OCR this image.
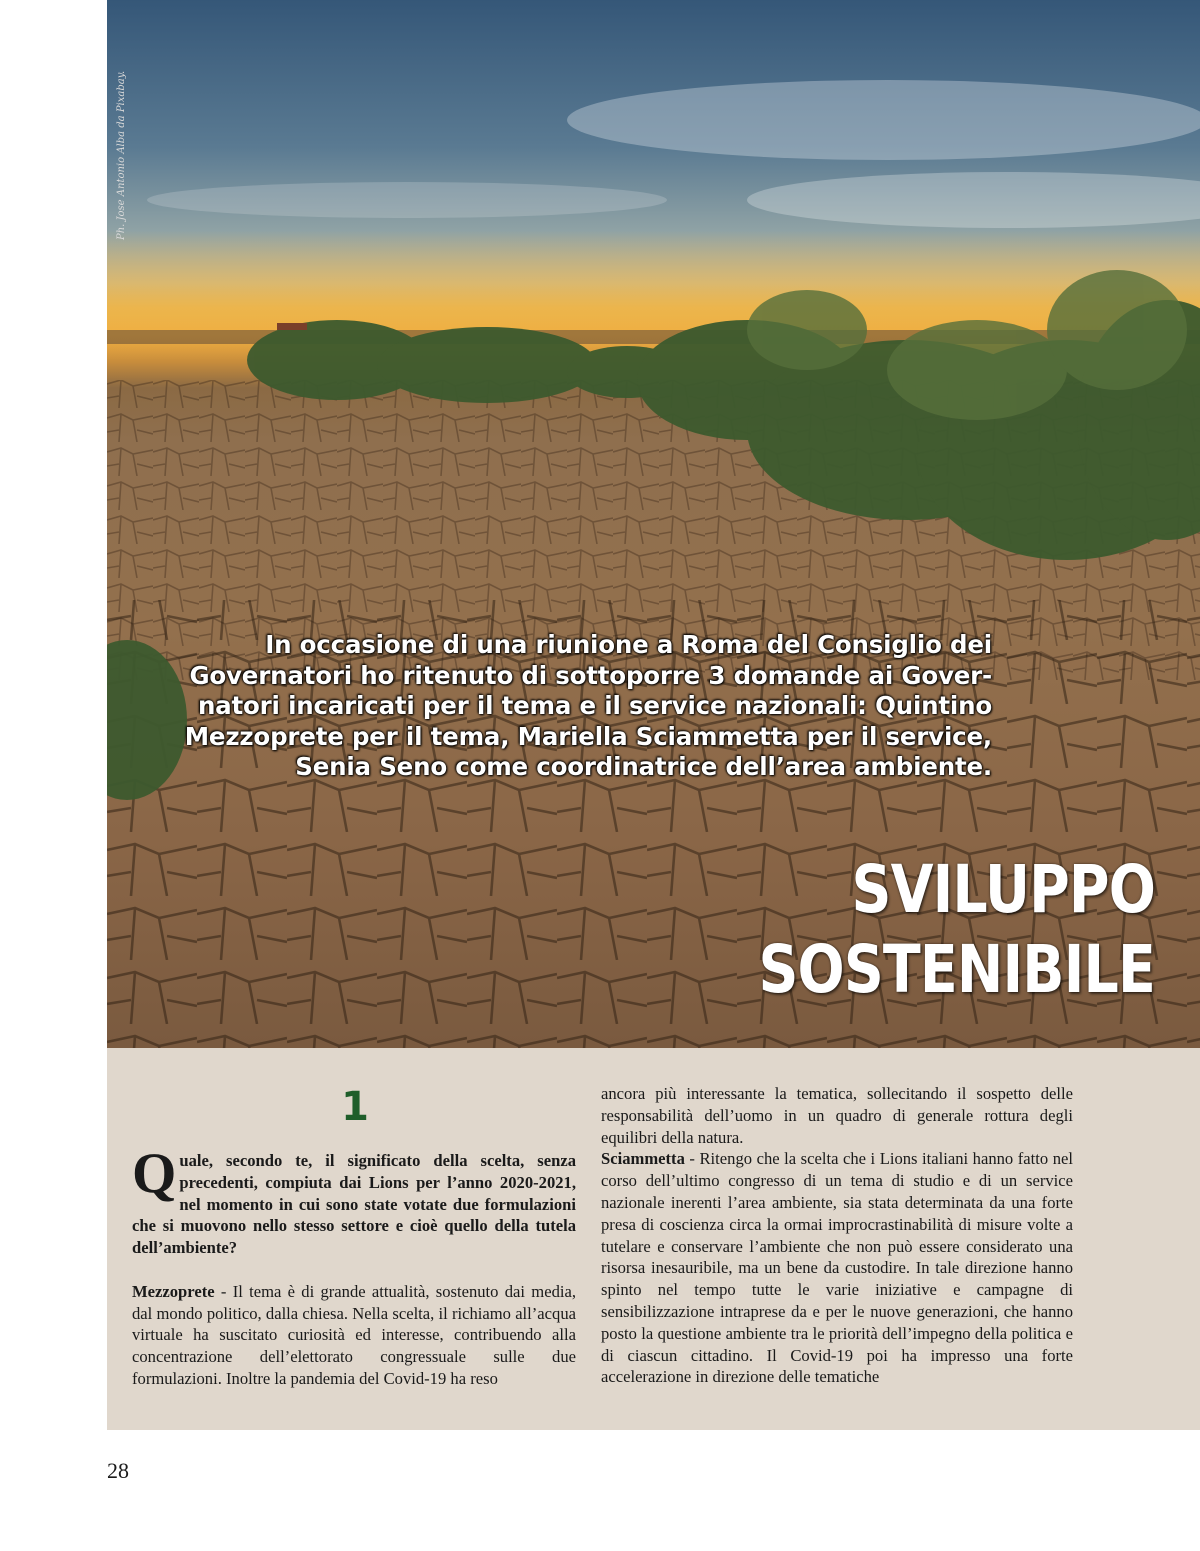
Ph. Jose Antonio Alba da Pixabay.
In occasione di una riunione a Roma del Consiglio dei
Governatori ho ritenuto di sottoporre 3 domande ai Gover-
natori incaricati per il tema e il service nazionali: Quintino
Mezzoprete per il tema, Mariella Sciammetta per il service,
Senia Seno come coordinatrice dell’area ambiente.
SVILUPPO SOSTENIBILE
1

Quale, secondo te, il significato della scelta, senza precedenti, compiuta dai Lions per l’anno 2020-2021, nel momento in cui sono state votate due formulazioni che si muovono nello stesso settore e cioè quello della tutela dell’ambiente?

Mezzoprete - Il tema è di grande attualità, sostenuto dai media, dal mondo politico, dalla chiesa. Nella scelta, il richiamo all’acqua virtuale ha suscitato curiosità ed interesse, contribuendo alla concentrazione dell’elettorato congressuale sulle due formulazioni. Inoltre la pandemia del Covid-19 ha reso

ancora più interessante la tematica, sollecitando il sospetto delle responsabilità dell’uomo in un quadro di generale rottura degli equilibri della natura.

Sciammetta - Ritengo che la scelta che i Lions italiani hanno fatto nel corso dell’ultimo congresso di un tema di studio e di un service nazionale inerenti l’area ambiente, sia stata determinata da una forte presa di coscienza circa la ormai improcrastinabilità di misure volte a tutelare e conservare l’ambiente che non può essere considerato una risorsa inesauribile, ma un bene da custodire. In tale direzione hanno spinto nel tempo tutte le varie iniziative e campagne di sensibilizzazione intraprese da e per le nuove generazioni, che hanno posto la questione ambiente tra le priorità dell’impegno della politica e di ciascun cittadino. Il Covid-19 poi ha impresso una forte accelerazione in direzione delle tematiche

28
